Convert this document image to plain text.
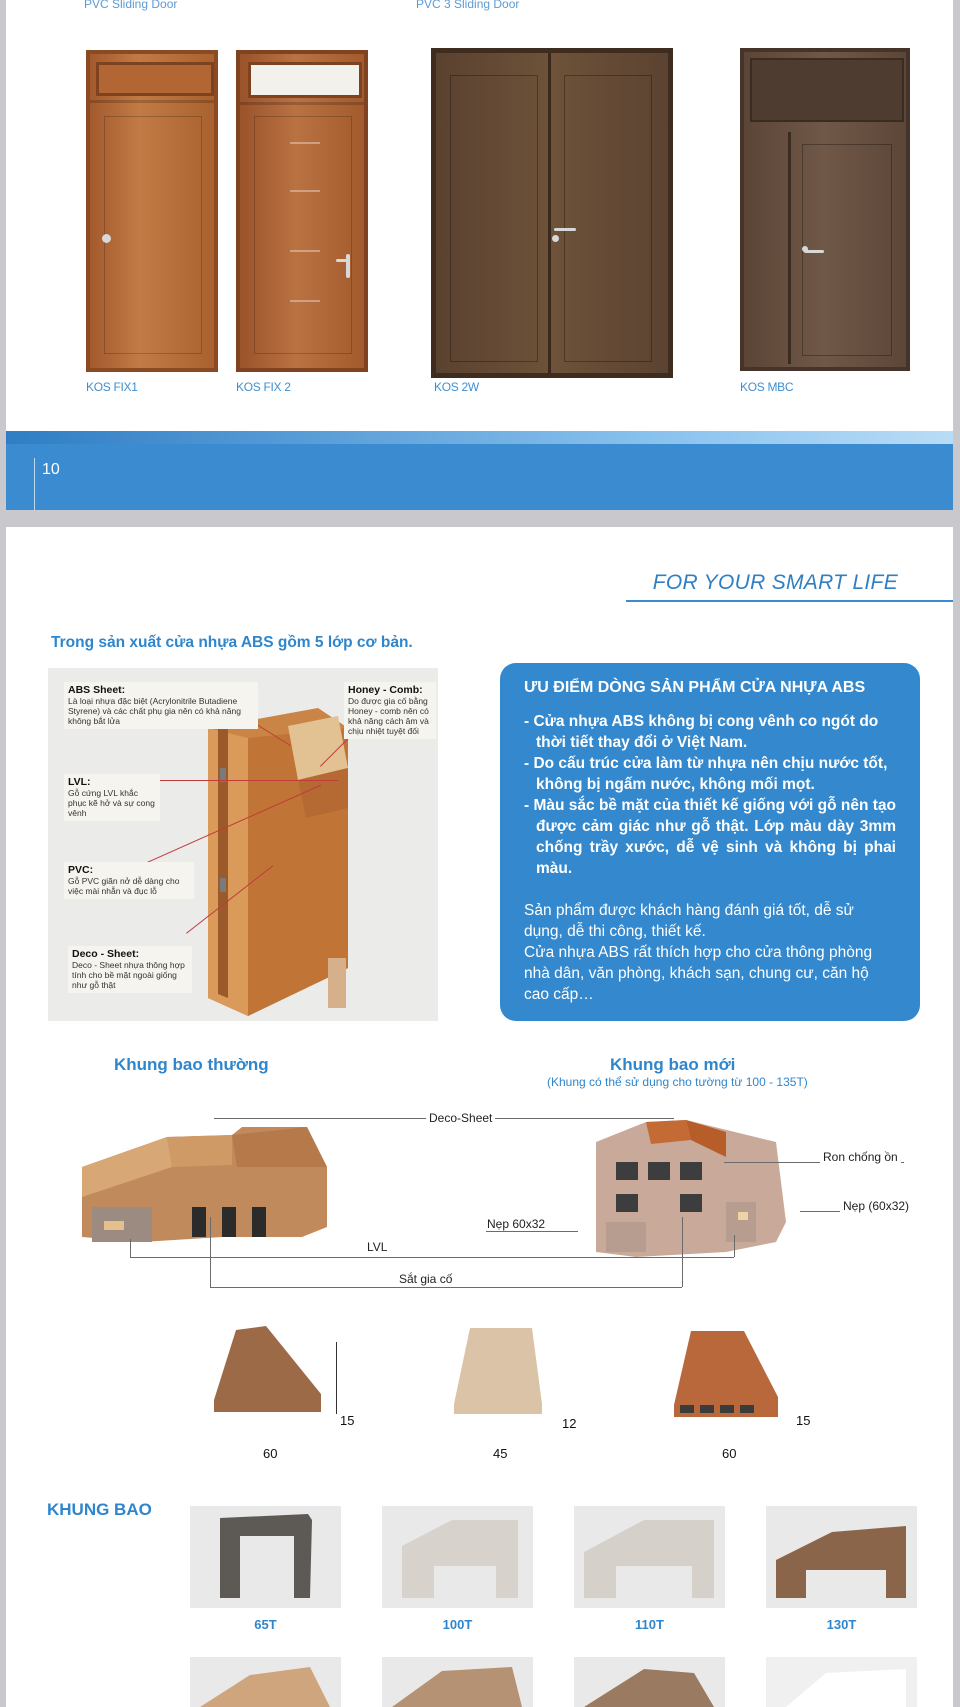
PVC Sliding Door	PVC 3 Sliding Door
KOS FIX1	KOS FIX 2	KOS 2W	KOS MBC
10
FOR YOUR SMART LIFE
Trong sản xuất cửa nhựa ABS gồm 5 lớp cơ bản.
ABS Sheet:
Là loại nhựa đặc biệt (Acrylonitrile Butadiene Styrene) và các chất phụ gia nên có khả năng không bắt lửa
Honey - Comb:
Do được gia cố bằng Honey - comb nên có khả năng cách âm và chịu nhiệt tuyệt đối
LVL:
Gỗ cứng LVL khắc phục kẽ hở và sự cong vênh
PVC:
Gỗ PVC giãn nở dễ dàng cho việc mài nhẵn và đục lỗ
Deco - Sheet:
Deco - Sheet nhựa thông hợp tính cho bề mặt ngoài giống như gỗ thật
ƯU ĐIỂM DÒNG SẢN PHẨM CỬA NHỰA ABS
- Cửa nhựa ABS không bị cong vênh co ngót do thời tiết thay đổi ở Việt Nam.
- Do cấu trúc cửa làm từ nhựa nên chịu nước tốt, không bị ngấm nước, không mối mọt.
- Màu sắc bề mặt của thiết kế giống với gỗ nên tạo được cảm giác như gỗ thật. Lớp màu dày 3mm chống trầy xước, dễ vệ sinh và không bị phai màu.
Sản phẩm được khách hàng đánh giá tốt, dễ sử dụng, dễ thi công, thiết kế.
Cửa nhựa ABS rất thích hợp cho cửa thông phòng nhà dân, văn phòng, khách sạn, chung cư, căn hộ cao cấp…
Khung bao thường	Khung bao mới
(Khung có thể sử dụng cho tường từ 100 - 135T)
Deco-Sheet
Ron chống ồn
Nẹp (60x32)
Nẹp 60x32
LVL
Sắt gia cố
15
60
12
45
15
60
KHUNG BAO
65T	100T	110T	130T
